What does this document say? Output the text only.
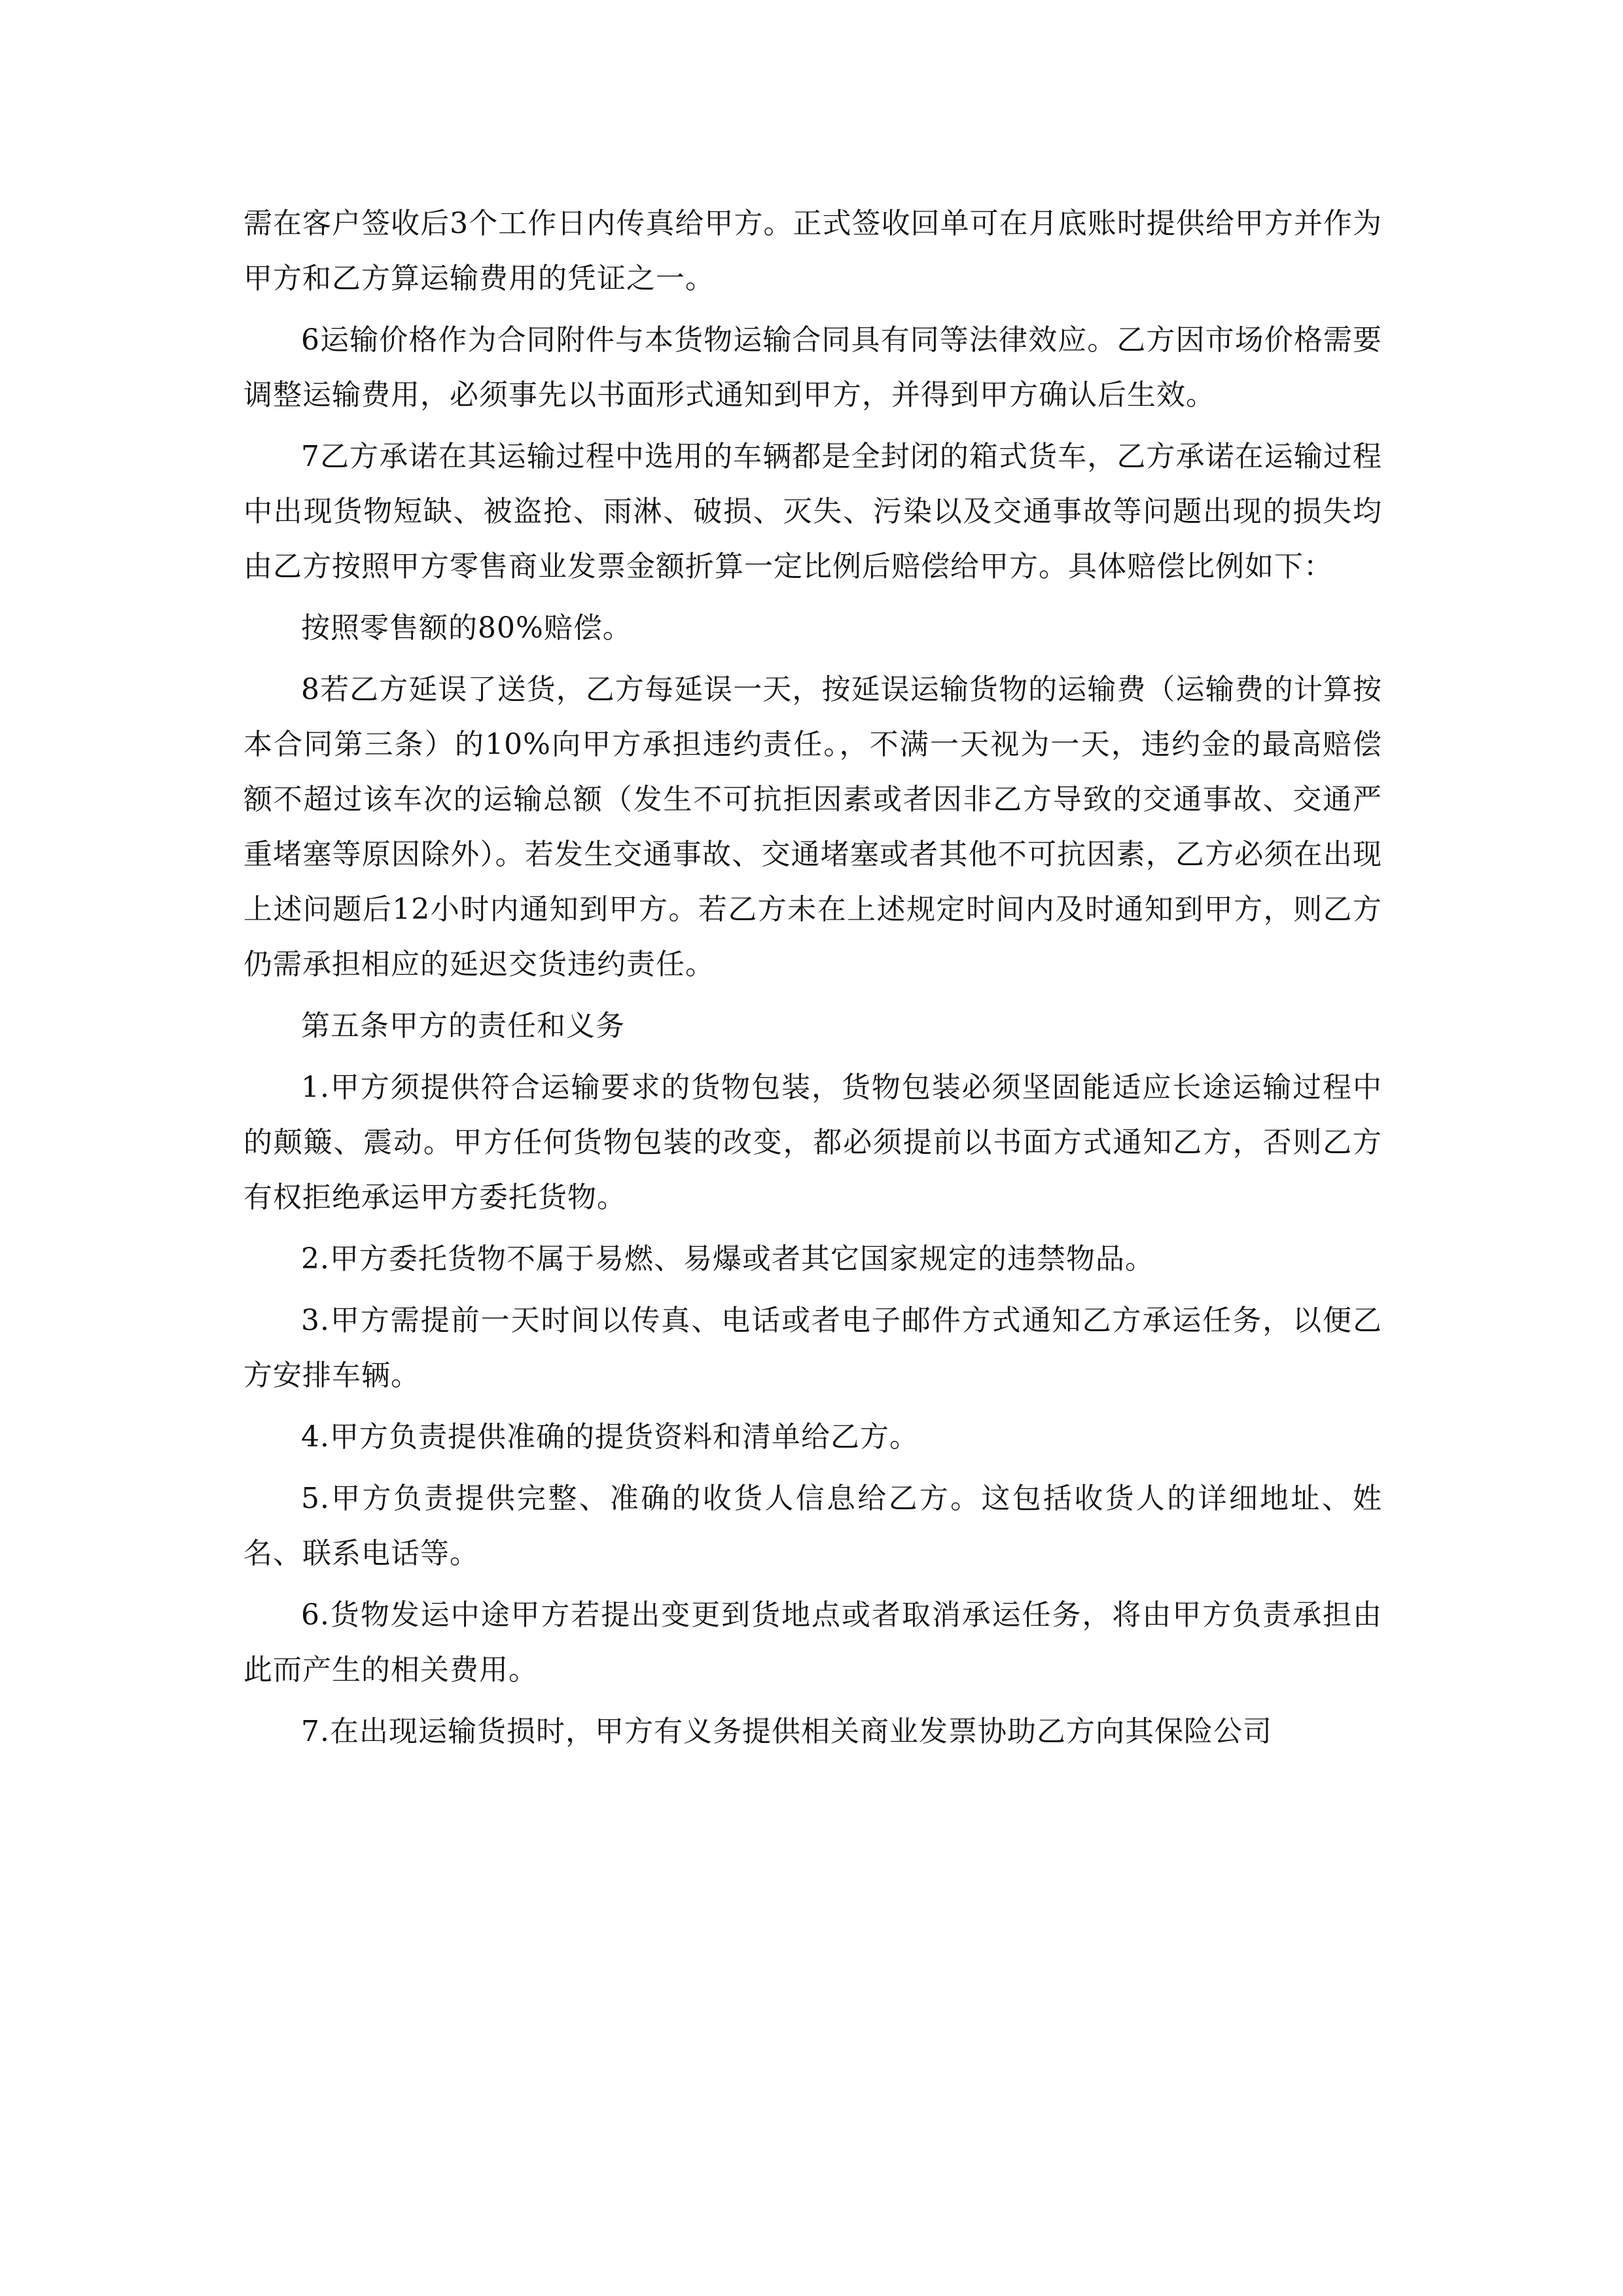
需在客户签收后3个工作日内传真给甲方。正式签收回单可在月底账时提供给甲方并作为甲方和乙方算运输费用的凭证之一。

6运输价格作为合同附件与本货物运输合同具有同等法律效应。乙方因市场价格需要调整运输费用，必须事先以书面形式通知到甲方，并得到甲方确认后生效。

7乙方承诺在其运输过程中选用的车辆都是全封闭的箱式货车，乙方承诺在运输过程中出现货物短缺、被盗抢、雨淋、破损、灭失、污染以及交通事故等问题出现的损失均由乙方按照甲方零售商业发票金额折算一定比例后赔偿给甲方。具体赔偿比例如下：

按照零售额的80%赔偿。

8若乙方延误了送货，乙方每延误一天，按延误运输货物的运输费（运输费的计算按本合同第三条）的10%向甲方承担违约责任。，不满一天视为一天，违约金的最高赔偿额不超过该车次的运输总额（发生不可抗拒因素或者因非乙方导致的交通事故、交通严重堵塞等原因除外）。若发生交通事故、交通堵塞或者其他不可抗因素，乙方必须在出现上述问题后12小时内通知到甲方。若乙方未在上述规定时间内及时通知到甲方，则乙方仍需承担相应的延迟交货违约责任。

第五条甲方的责任和义务

1.甲方须提供符合运输要求的货物包装，货物包装必须坚固能适应长途运输过程中的颠簸、震动。甲方任何货物包装的改变，都必须提前以书面方式通知乙方，否则乙方有权拒绝承运甲方委托货物。

2.甲方委托货物不属于易燃、易爆或者其它国家规定的违禁物品。

3.甲方需提前一天时间以传真、电话或者电子邮件方式通知乙方承运任务，以便乙方安排车辆。

4.甲方负责提供准确的提货资料和清单给乙方。

5.甲方负责提供完整、准确的收货人信息给乙方。这包括收货人的详细地址、姓名、联系电话等。

6.货物发运中途甲方若提出变更到货地点或者取消承运任务，将由甲方负责承担由此而产生的相关费用。

7.在出现运输货损时，甲方有义务提供相关商业发票协助乙方向其保险公司
